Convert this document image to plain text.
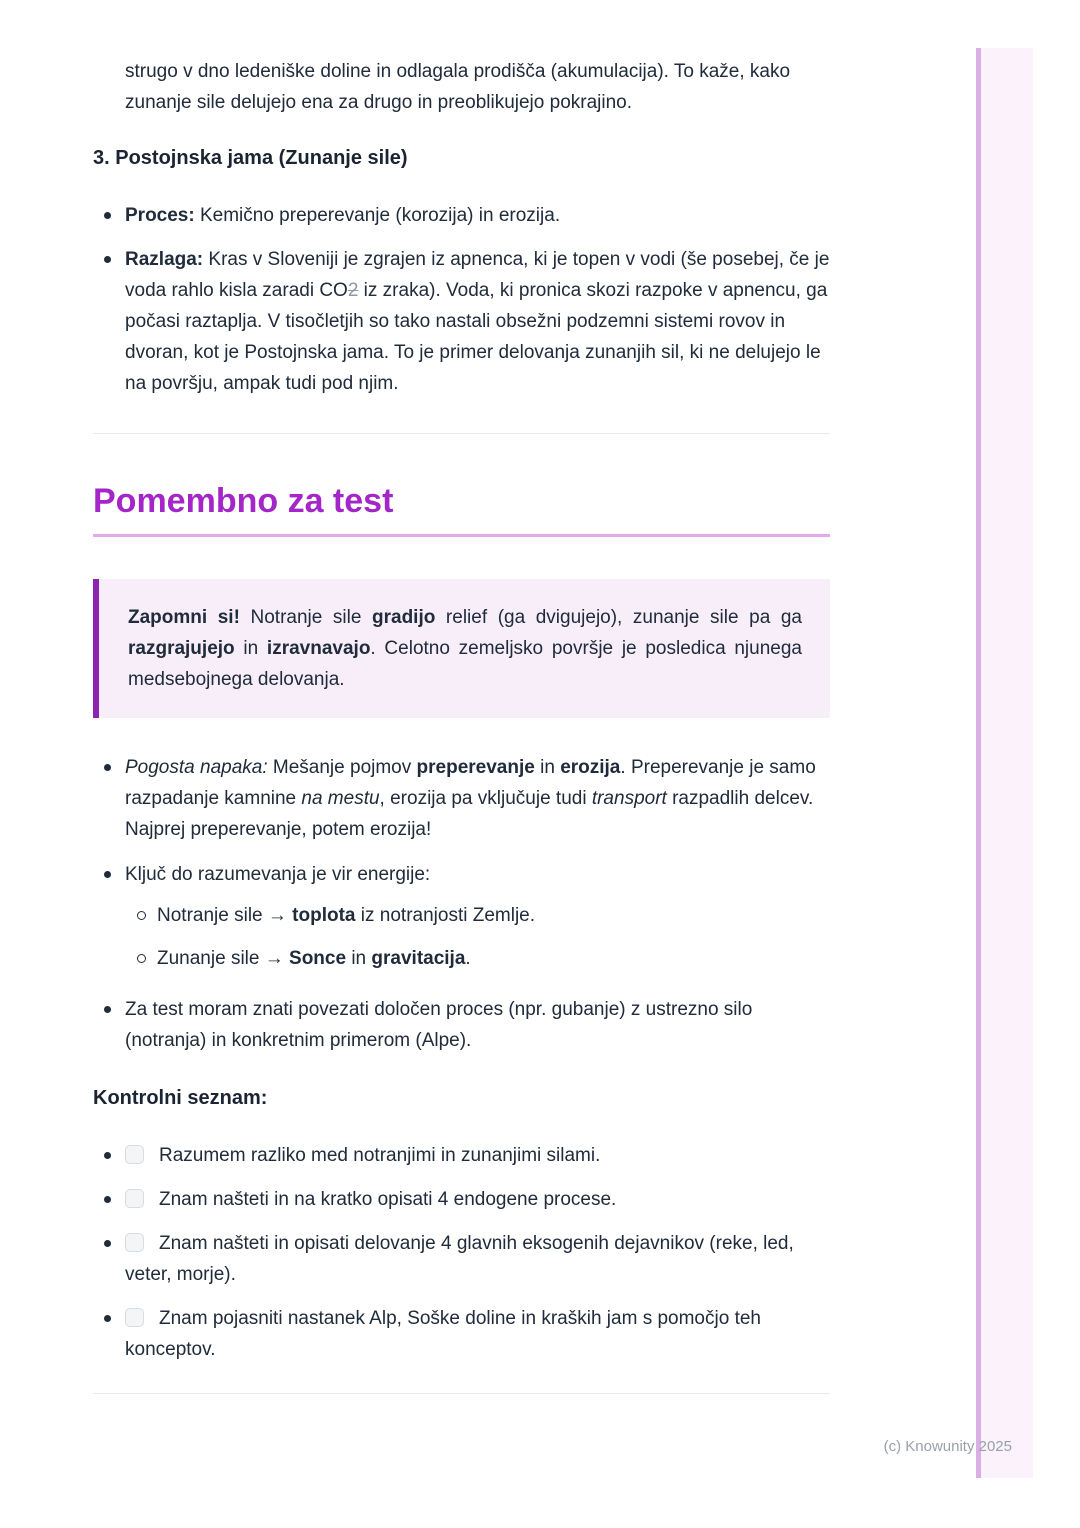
strugo v dno ledeniške doline in odlagala prodišča (akumulacija). To kaže, kako zunanje sile delujejo ena za drugo in preoblikujejo pokrajino.

3. Postojnska jama (Zunanje sile)
Proces: Kemično preperevanje (korozija) in erozija.
Razlaga: Kras v Sloveniji je zgrajen iz apnenca, ki je topen v vodi (še posebej, če je voda rahlo kisla zaradi CO2 iz zraka). Voda, ki pronica skozi razpoke v apnencu, ga počasi raztaplja. V tisočletjih so tako nastali obsežni podzemni sistemi rovov in dvoran, kot je Postojnska jama. To je primer delovanja zunanjih sil, ki ne delujejo le na površju, ampak tudi pod njim.
Pomembno za test
Zapomni si! Notranje sile gradijo relief (ga dvigujejo), zunanje sile pa ga razgrajujejo in izravnavajo. Celotno zemeljsko površje je posledica njunega medsebojnega delovanja.
Pogosta napaka: Mešanje pojmov preperevanje in erozija. Preperevanje je samo razpadanje kamnine na mestu, erozija pa vključuje tudi transport razpadlih delcev. Najprej preperevanje, potem erozija!
Ključ do razumevanja je vir energije:
Notranje sile → toplota iz notranjosti Zemlje.
Zunanje sile → Sonce in gravitacija.
Za test moram znati povezati določen proces (npr. gubanje) z ustrezno silo (notranja) in konkretnim primerom (Alpe).
Kontrolni seznam:
Razumem razliko med notranjimi in zunanjimi silami.
Znam našteti in na kratko opisati 4 endogene procese.
Znam našteti in opisati delovanje 4 glavnih eksogenih dejavnikov (reke, led, veter, morje).
Znam pojasniti nastanek Alp, Soške doline in kraških jam s pomočjo teh konceptov.
(c) Knowunity 2025
